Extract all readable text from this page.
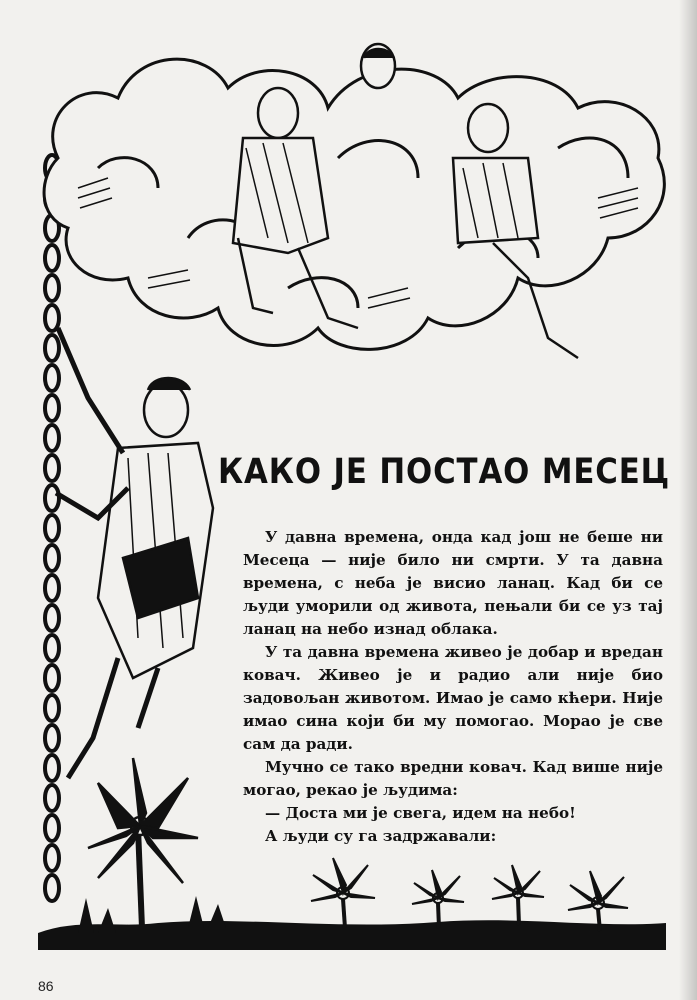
КАКО ЈЕ ПОСТАО МЕСЕЦ

У давна времена, онда кад још не беше ни Месеца — није било ни смрти. У та давна времена, с неба је висио ланац. Кад би се људи уморили од живота, пењали би се уз тај ланац на небо изнад облака.

У та давна времена живео је добар и вредан ковач. Живео је и радио али није био задовољан животом. Имао је само кћери. Није имао сина који би му помогао. Морао је све сам да ради.

Мучно се тако вредни ковач. Кад више није могао, рекао је људима:

— Доста ми је свега, идем на небо!

А људи су га задржавали:

86
